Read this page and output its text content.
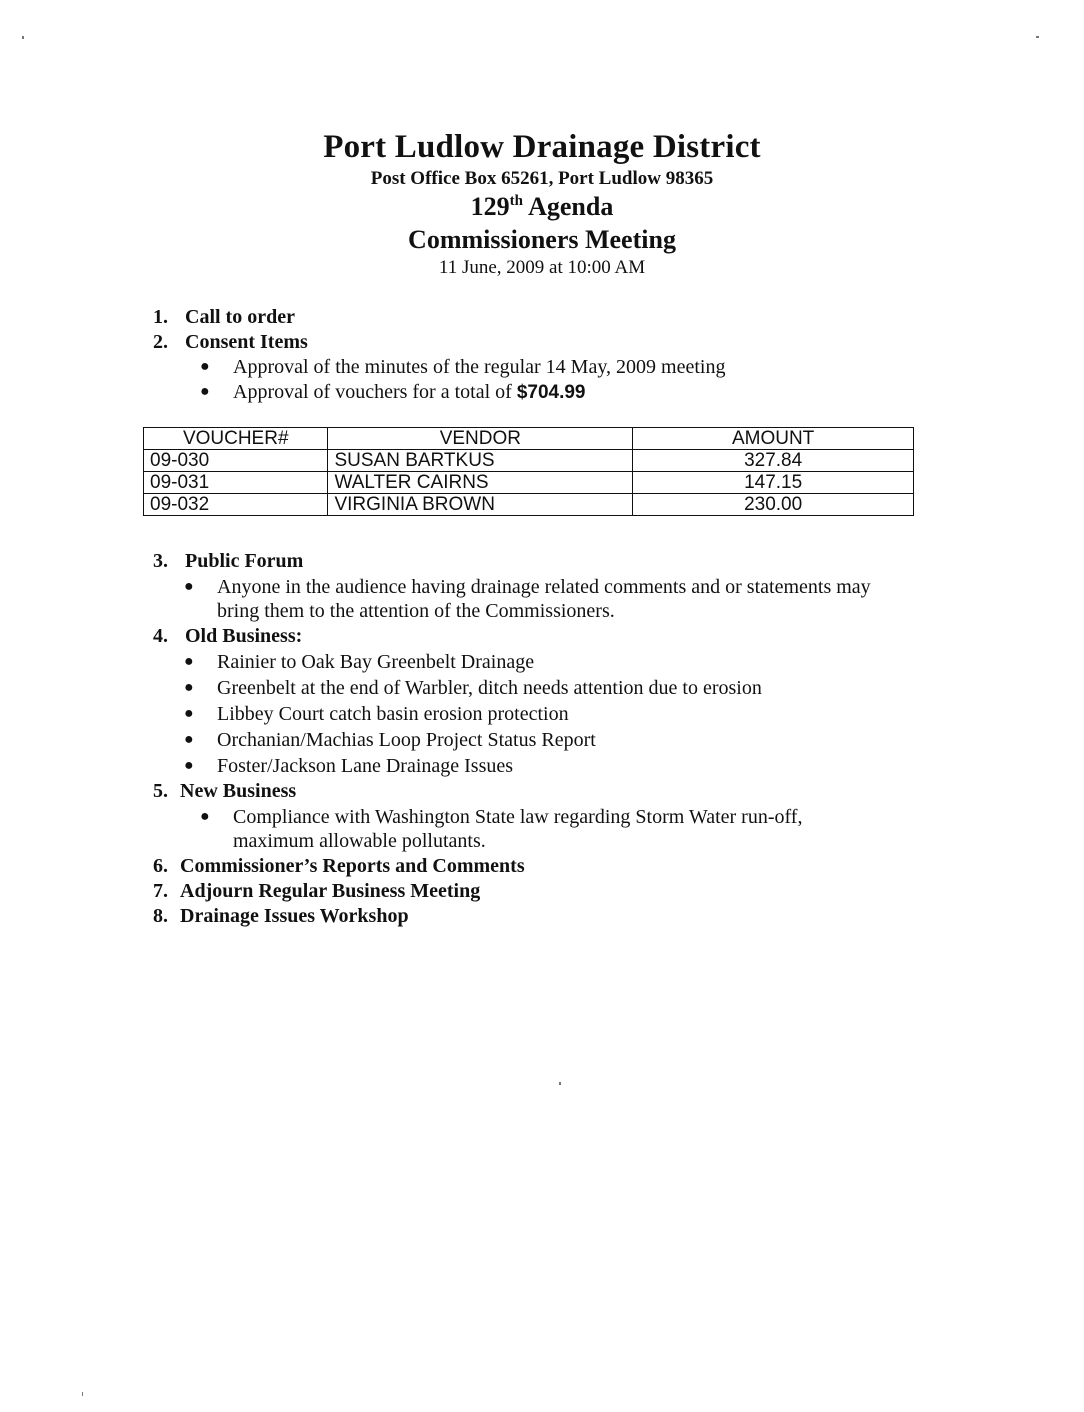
Port Ludlow Drainage District
Post Office Box 65261, Port Ludlow 98365
129th Agenda
Commissioners Meeting
11 June, 2009 at 10:00 AM
1. Call to order
2. Consent Items
● Approval of the minutes of the regular 14 May, 2009 meeting
● Approval of vouchers for a total of $704.99
VOUCHER#	VENDOR	AMOUNT
09-030	SUSAN BARTKUS	327.84
09-031	WALTER CAIRNS	147.15
09-032	VIRGINIA BROWN	230.00
3. Public Forum
● Anyone in the audience having drainage related comments and or statements may
bring them to the attention of the Commissioners.
4. Old Business:
● Rainier to Oak Bay Greenbelt Drainage
● Greenbelt at the end of Warbler, ditch needs attention due to erosion
● Libbey Court catch basin erosion protection
● Orchanian/Machias Loop Project Status Report
● Foster/Jackson Lane Drainage Issues
5. New Business
● Compliance with Washington State law regarding Storm Water run-off,
maximum allowable pollutants.
6. Commissioner’s Reports and Comments
7. Adjourn Regular Business Meeting
8. Drainage Issues Workshop
